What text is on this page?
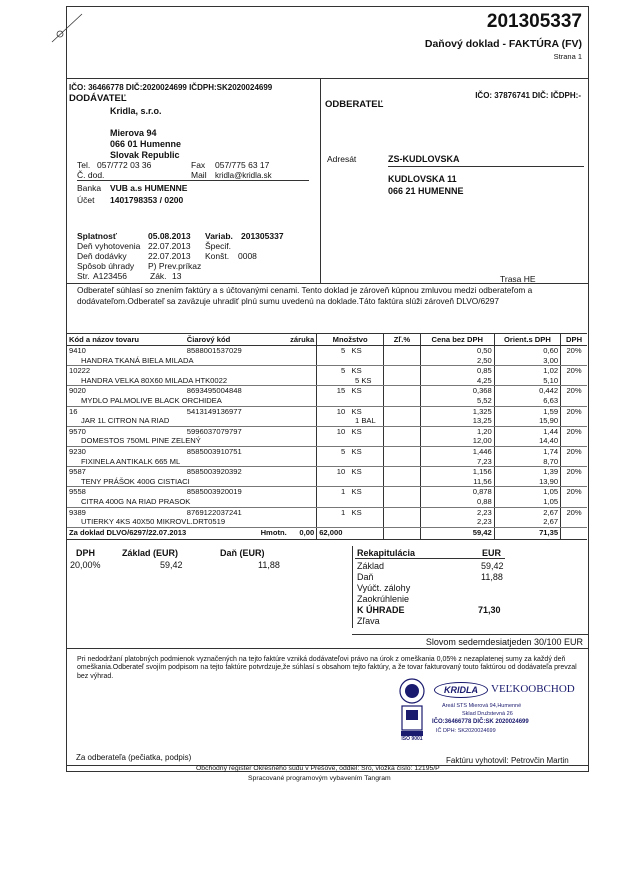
201305337
Daňový doklad - FAKTÚRA (FV)
Strana 1
IČO: 36466778 DIČ:2020024699 IČDPH:SK2020024699
DODÁVATEĽ
Kridla, s.r.o.
Mierova 94
066 01 Humenne
Slovak Republic
Tel. 057/772 03 36	Fax 057/775 63 17
Č. dod.	Mail kridla@kridla.sk
Banka VUB a.s HUMENNE
Účet 1401798353 / 0200
IČO: 37876741 DIČ: IČDPH:-
ODBERATEĽ
Adresát	ZS-KUDLOVSKA
KUDLOVSKA 11
066 21 HUMENNE
Splatnosť	05.08.2013 Variab. 201305337
Deň vyhotovenia 22.07.2013 Špecif.
Deň dodávky	22.07.2013 Konšt. 0008
Spôsob úhrady P) Prev.príkaz
Str. A123456	Zák. 13	Trasa HE
Odberateľ súhlasí so znením faktúry a s účtovanými cenami. Tento doklad je zároveň kúpnou zmluvou medzi odberateľom a dodávateľom.Odberateľ sa zaväzuje uhradiť plnú sumu uvedenú na doklade.Táto faktúra slúži zároveň DLVO/6297
Kód a názov tovaru	Čiarový kód	záruka	Množstvo	Zľ.%	Cena bez DPH	Orient.s DPH	DPH
9410	8588001537029		5 KS		0,50	0,60	20%
HANDRA TKANÁ BIELA MILADA					2,50	3,00	
10222			5 KS		0,85	1,02	20%
HANDRA VELKA 80X60 MILADA HTK0022			5 KS		4,25	5,10	
9020	8693495004848		15 KS		0,368	0,442	20%
MYDLO PALMOLIVE BLACK ORCHIDEA					5,52	6,63	
16	5413149136977		10 KS		1,325	1,59	20%
JAR 1L CITRON NA RIAD			1 BAL		13,25	15,90	
9570	5996037079797		10 KS		1,20	1,44	20%
DOMESTOS 750ML PINE ZELENÝ					12,00	14,40	
9230	8585003910751		5 KS		1,446	1,74	20%
FIXINELA ANTIKALK 665 ML					7,23	8,70	
9587	8585003920392		10 KS		1,156	1,39	20%
TENY PRÁŠOK 400G CISTIACI					11,56	13,90	
9558	8585003920019		1 KS		0,878	1,05	20%
CITRA 400G NA RIAD PRASOK					0,88	1,05	
9389	8769122037241		1 KS		2,23	2,67	20%
UTIERKY 4KS 40X50 MIKROVL.DRT0519					2,23	2,67	
Za doklad DLVO/6297/22.07.2013		Hmotn. 0,00	62,000		59,42	71,35	
DPH	Základ (EUR)	Daň (EUR)
20,00%	59,42	11,88
Rekapitulácia	EUR
Základ	59,42
Daň	11,88
Vyúčt. zálohy
Zaokrúhlenie
K ÚHRADE	71,30
Zľava
Slovom sedemdesiatjeden 30/100 EUR
Pri nedodržaní platobných podmienok vyznačených na tejto faktúre vzniká dodávateľovi právo na úrok z omeškania 0,05% z nezaplatenej sumy za každý deň omeškania.Odberateľ svojím podpisom na tejto faktúre potvrdzuje,že súhlasí s obsahom tejto faktúry, a že tovar fakturovaný touto faktúrou od dodávateľa prevzal bez výhrad.
ISO 9001
KRIDLA	VEĽKOOBCHOD
Areál STS Mierová 94,Humenné
Sklad Družstevná 26
IČO:36466778 DIČ:SK 2020024699
IČ DPH: SK2020024699
Za odberateľa (pečiatka, podpis)	Faktúru vyhotovil: Petrovčin Martin
Obchodný register Okresného súdu v Prešove, oddiel: Sro, vložka číslo: 12195/P
Spracované programovým vybavením Tangram
